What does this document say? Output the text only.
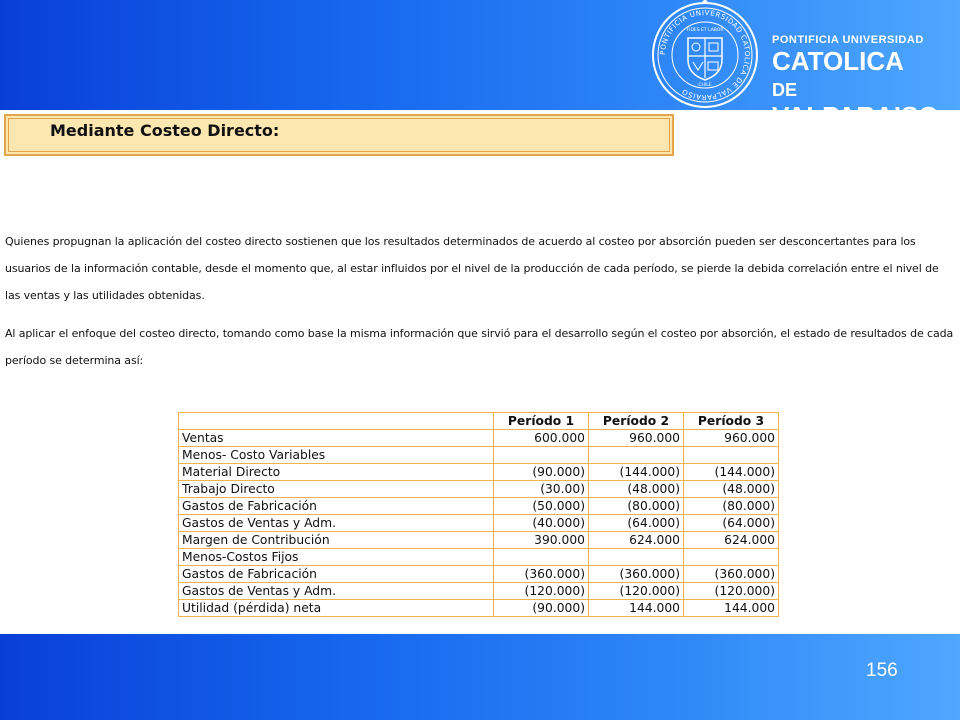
PONTIFICIA UNIVERSIDAD CATOLICA DE VALPARAISO
FIDES ET LABOR
CHILE
PONTIFICIA UNIVERSIDAD
CATOLICA
DE VALPARAISO
Mediante Costeo Directo:
Quienes propugnan la aplicación del costeo directo sostienen que los resultados determinados de acuerdo al costeo por absorción pueden ser desconcertantes para los usuarios de la información contable, desde el momento que, al estar influidos por el nivel de la producción de cada período, se pierde la debida correlación entre el nivel de las ventas y las utilidades obtenidas.
Al aplicar el enfoque del costeo directo, tomando como base la misma información que sirvió para el desarrollo según el costeo por absorción, el estado de resultados de cada período se determina así:
	Período 1	Período 2	Período 3
Ventas	600.000	960.000	960.000
Menos- Costo Variables			
Material Directo	(90.000)	(144.000)	(144.000)
Trabajo Directo	(30.00)	(48.000)	(48.000)
Gastos de Fabricación	(50.000)	(80.000)	(80.000)
Gastos de Ventas y Adm.	(40.000)	(64.000)	(64.000)
Margen de Contribución	390.000	624.000	624.000
Menos-Costos Fijos			
Gastos de Fabricación	(360.000)	(360.000)	(360.000)
Gastos de Ventas y Adm.	(120.000)	(120.000)	(120.000)
Utilidad (pérdida) neta	(90.000)	144.000	144.000
156
